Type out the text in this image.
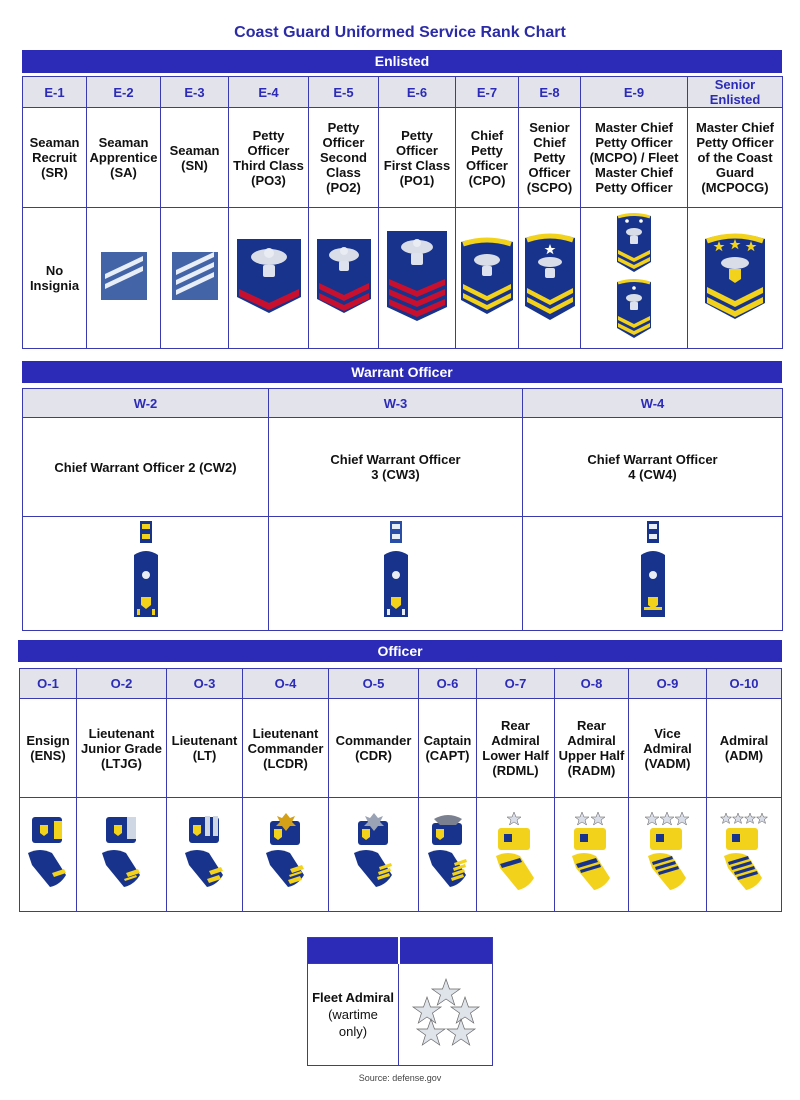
Coast Guard Uniformed Service Rank Chart
Enlisted
E-1	E-2	E-3	E-4	E-5	E-6	E-7	E-8	E-9	Senior Enlisted
Seaman Recruit (SR)	Seaman Apprentice (SA)	Seaman (SN)	Petty Officer Third Class (PO3)	Petty Officer Second Class (PO2)	Petty Officer First Class (PO1)	Chief Petty Officer (CPO)	Senior Chief Petty Officer (SCPO)	Master Chief Petty Officer (MCPO) / Fleet Master Chief Petty Officer	Master Chief Petty Officer of the Coast Guard (MCPOCG)
No Insignia									
Warrant Officer
W-2	W-3	W-4
Chief Warrant Officer 2 (CW2)	Chief Warrant Officer 3 (CW3)	Chief Warrant Officer 4 (CW4)

Officer
O-1	O-2	O-3	O-4	O-5	O-6	O-7	O-8	O-9	O-10
Ensign (ENS)	Lieutenant Junior Grade (LTJG)	Lieutenant (LT)	Lieutenant Commander (LCDR)	Commander (CDR)	Captain (CAPT)	Rear Admiral Lower Half (RDML)	Rear Admiral Upper Half (RADM)	Vice Admiral (VADM)	Admiral (ADM)

Fleet Admiral
(wartime only)

Source: defense.gov
